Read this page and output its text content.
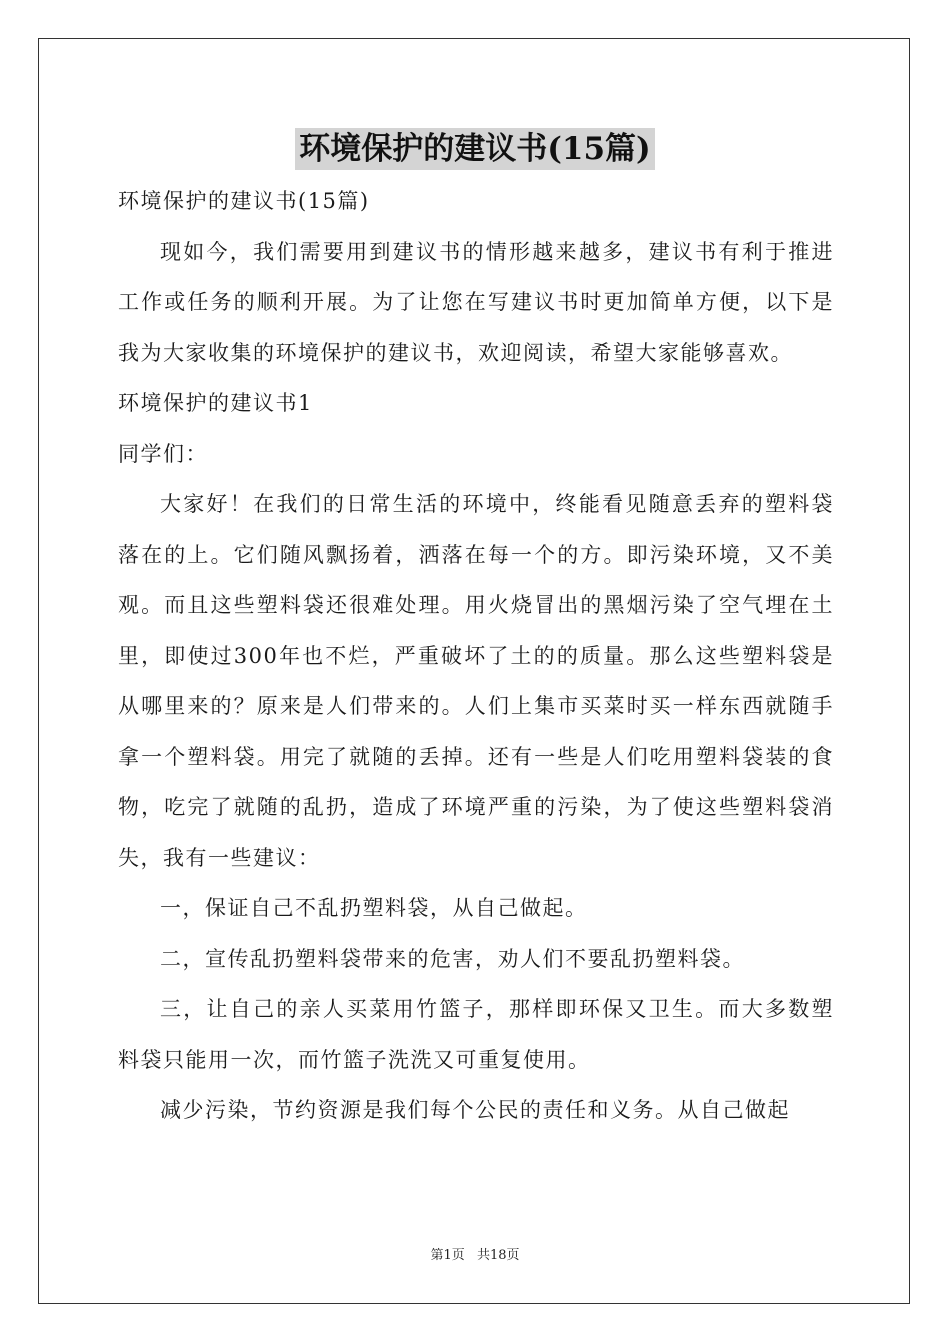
环境保护的建议书(15篇)
环境保护的建议书(15篇)
现如今，我们需要用到建议书的情形越来越多，建议书有利于推进工作或任务的顺利开展。为了让您在写建议书时更加简单方便，以下是我为大家收集的环境保护的建议书，欢迎阅读，希望大家能够喜欢。
环境保护的建议书1
同学们：
大家好！在我们的日常生活的环境中，终能看见随意丢弃的塑料袋落在的上。它们随风飘扬着，洒落在每一个的方。即污染环境，又不美观。而且这些塑料袋还很难处理。用火烧冒出的黑烟污染了空气埋在土里，即使过300年也不烂，严重破坏了土的的质量。那么这些塑料袋是从哪里来的？原来是人们带来的。人们上集市买菜时买一样东西就随手拿一个塑料袋。用完了就随的丢掉。还有一些是人们吃用塑料袋装的食物，吃完了就随的乱扔，造成了环境严重的污染，为了使这些塑料袋消失，我有一些建议：
一，保证自己不乱扔塑料袋，从自己做起。
二，宣传乱扔塑料袋带来的危害，劝人们不要乱扔塑料袋。
三，让自己的亲人买菜用竹篮子，那样即环保又卫生。而大多数塑料袋只能用一次，而竹篮子洗洗又可重复使用。
减少污染，节约资源是我们每个公民的责任和义务。从自己做起
第1页 共18页
